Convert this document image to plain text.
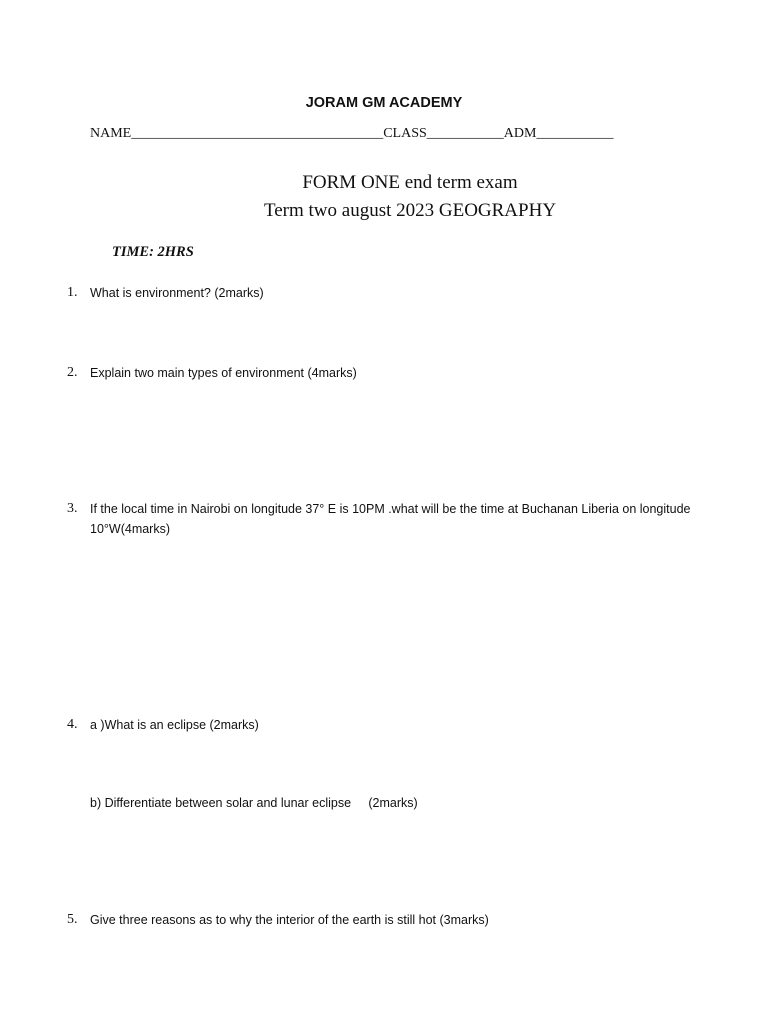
JORAM GM ACADEMY
NAME____________________________________CLASS___________ADM___________
FORM ONE end term exam
Term two august 2023 GEOGRAPHY
TIME: 2HRS
1. What is environment? (2marks)
2. Explain two main types of environment (4marks)
3. If the local time in Nairobi on longitude 37° E is 10PM .what will be the time at Buchanan Liberia on longitude 10°W(4marks)
4. a )What is an eclipse (2marks)
b) Differentiate between solar and lunar eclipse     (2marks)
5. Give three reasons as to why the interior of the earth is still hot (3marks)
